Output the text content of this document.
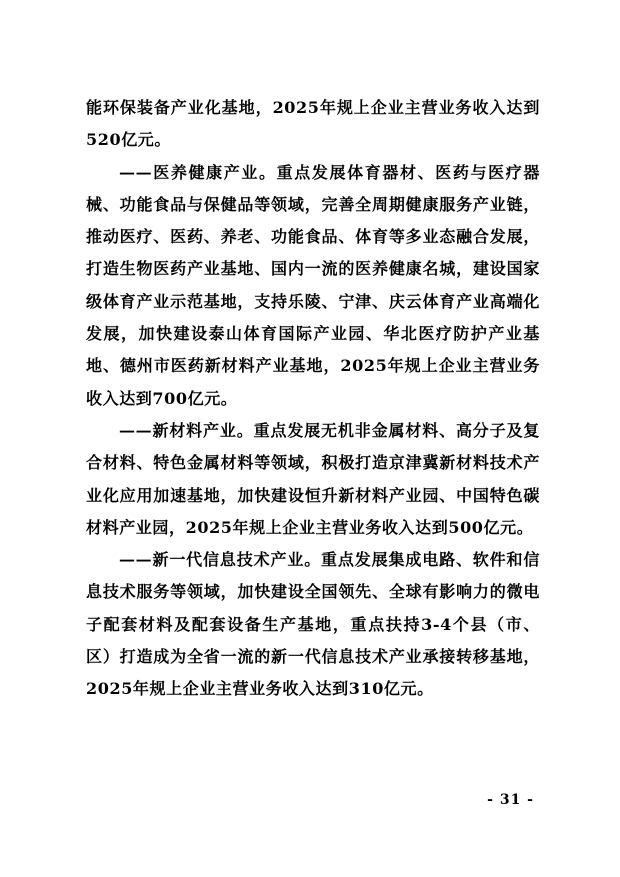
能环保装备产业化基地，2025年规上企业主营业务收入达到520亿元。

——医养健康产业。重点发展体育器材、医药与医疗器械、功能食品与保健品等领域，完善全周期健康服务产业链，推动医疗、医药、养老、功能食品、体育等多业态融合发展，打造生物医药产业基地、国内一流的医养健康名城，建设国家级体育产业示范基地，支持乐陵、宁津、庆云体育产业高端化发展，加快建设泰山体育国际产业园、华北医疗防护产业基地、德州市医药新材料产业基地，2025年规上企业主营业务收入达到700亿元。

——新材料产业。重点发展无机非金属材料、高分子及复合材料、特色金属材料等领域，积极打造京津冀新材料技术产业化应用加速基地，加快建设恒升新材料产业园、中国特色碳材料产业园，2025年规上企业主营业务收入达到500亿元。

——新一代信息技术产业。重点发展集成电路、软件和信息技术服务等领域，加快建设全国领先、全球有影响力的微电子配套材料及配套设备生产基地，重点扶持3-4个县（市、区）打造成为全省一流的新一代信息技术产业承接转移基地，2025年规上企业主营业务收入达到310亿元。

- 31 -
